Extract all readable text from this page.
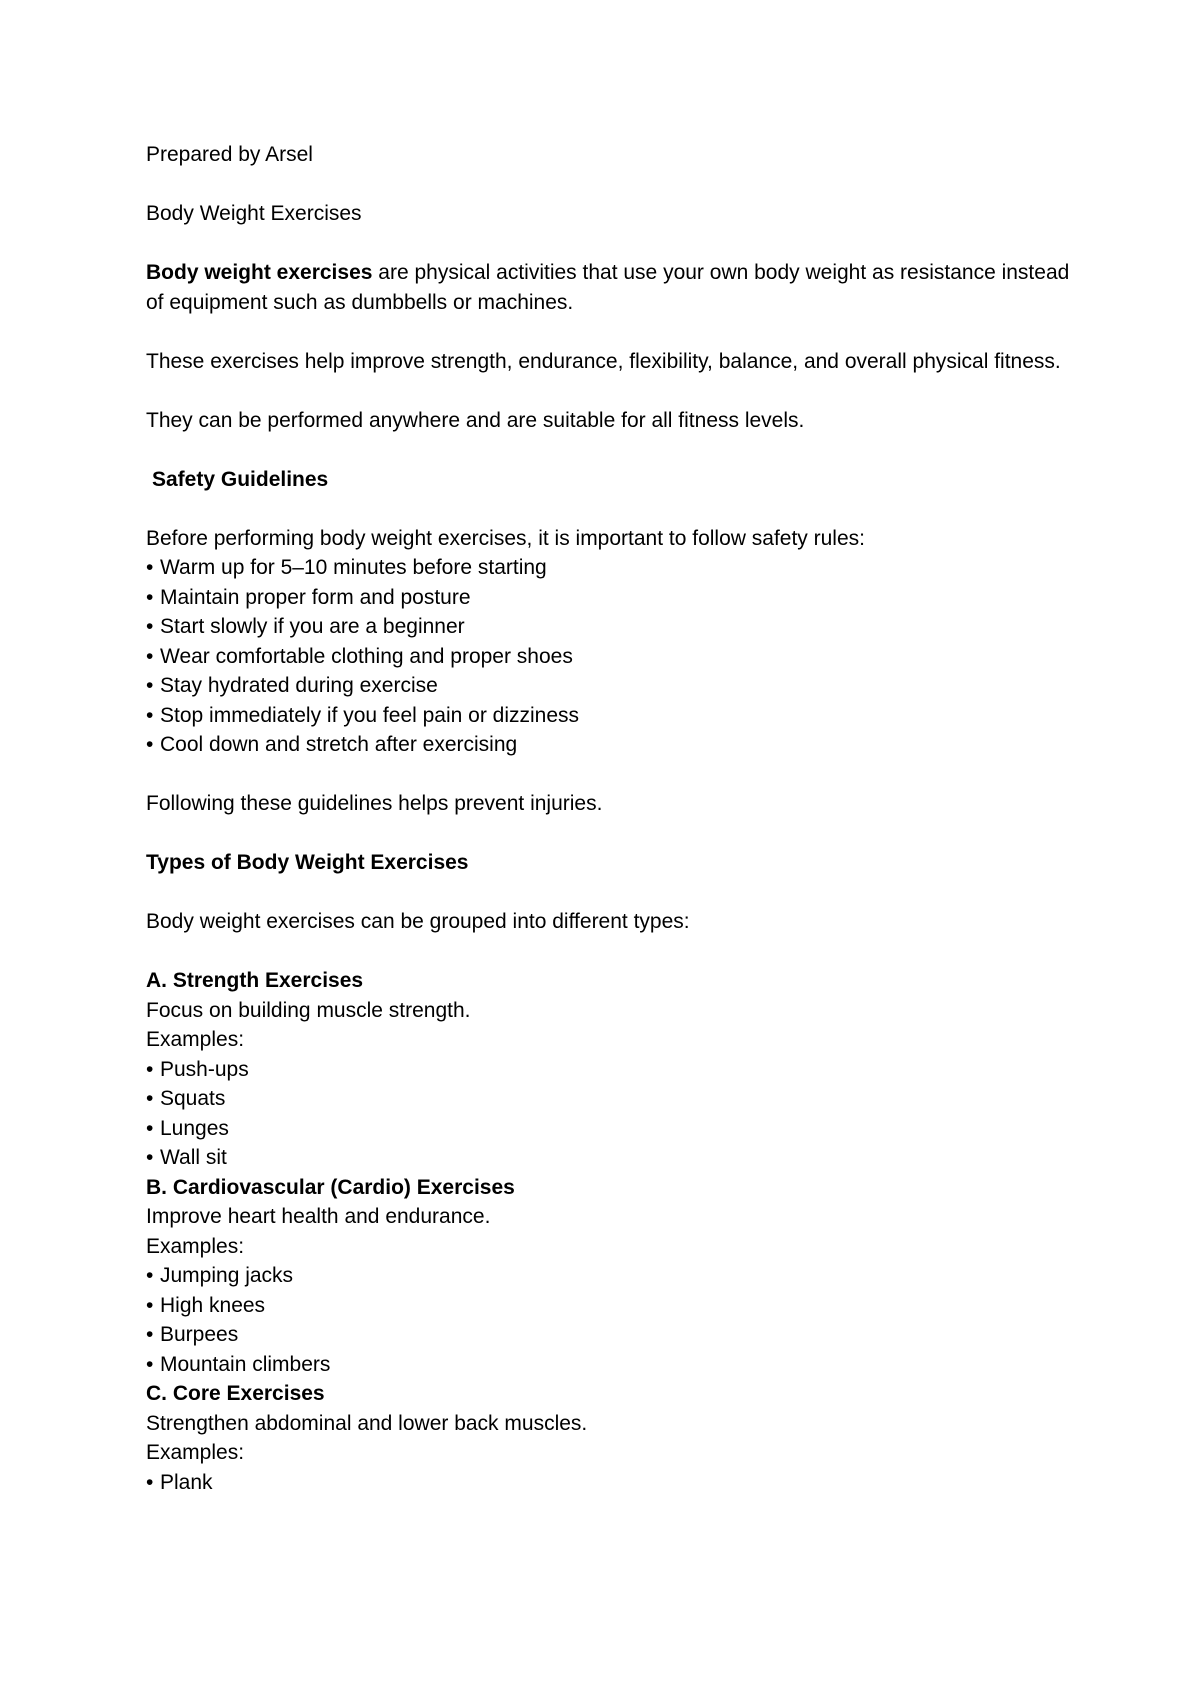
Prepared by Arsel

Body Weight Exercises

Body weight exercises are physical activities that use your own body weight as resistance instead of equipment such as dumbbells or machines.

These exercises help improve strength, endurance, flexibility, balance, and overall physical fitness.

They can be performed anywhere and are suitable for all fitness levels.

Safety Guidelines

Before performing body weight exercises, it is important to follow safety rules:

• Warm up for 5–10 minutes before starting
• Maintain proper form and posture
• Start slowly if you are a beginner
• Wear comfortable clothing and proper shoes
• Stay hydrated during exercise
• Stop immediately if you feel pain or dizziness
• Cool down and stretch after exercising

Following these guidelines helps prevent injuries.

Types of Body Weight Exercises

Body weight exercises can be grouped into different types:

A. Strength Exercises

Focus on building muscle strength.

Examples:

• Push-ups
• Squats
• Lunges
• Wall sit

B. Cardiovascular (Cardio) Exercises

Improve heart health and endurance.

Examples:

• Jumping jacks
• High knees
• Burpees
• Mountain climbers

C. Core Exercises

Strengthen abdominal and lower back muscles.

Examples:

• Plank
